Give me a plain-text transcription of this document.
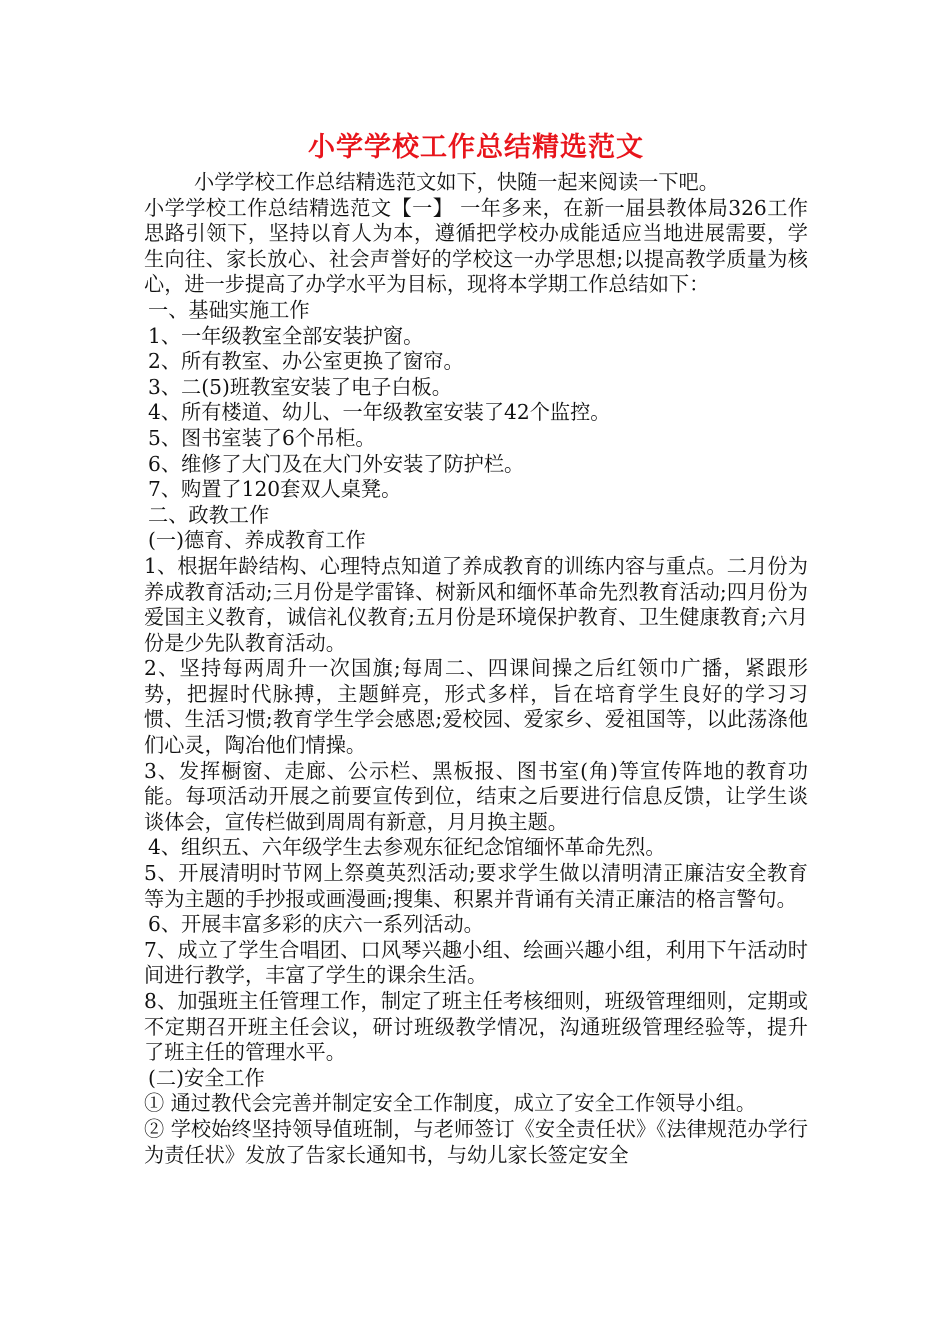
小学学校工作总结精选范文

小学学校工作总结精选范文如下，快随一起来阅读一下吧。

小学学校工作总结精选范文【一】 一年多来，在新一届县教体局326工作思路引领下，坚持以育人为本，遵循把学校办成能适应当地进展需要，学生向往、家长放心、社会声誉好的学校这一办学思想;以提高教学质量为核心，进一步提高了办学水平为目标，现将本学期工作总结如下：

一、基础实施工作

1、一年级教室全部安装护窗。

2、所有教室、办公室更换了窗帘。

3、二(5)班教室安装了电子白板。

4、所有楼道、幼儿、一年级教室安装了42个监控。

5、图书室装了6个吊柜。

6、维修了大门及在大门外安装了防护栏。

7、购置了120套双人桌凳。

二、政教工作

(一)德育、养成教育工作

1、根据年龄结构、心理特点知道了养成教育的训练内容与重点。二月份为养成教育活动;三月份是学雷锋、树新风和缅怀革命先烈教育活动;四月份为爱国主义教育，诚信礼仪教育;五月份是环境保护教育、卫生健康教育;六月份是少先队教育活动。

2、坚持每两周升一次国旗;每周二、四课间操之后红领巾广播，紧跟形势，把握时代脉搏，主题鲜亮，形式多样，旨在培育学生良好的学习习惯、生活习惯;教育学生学会感恩;爱校园、爱家乡、爱祖国等，以此荡涤他们心灵，陶冶他们情操。

3、发挥橱窗、走廊、公示栏、黑板报、图书室(角)等宣传阵地的教育功能。每项活动开展之前要宣传到位，结束之后要进行信息反馈，让学生谈谈体会，宣传栏做到周周有新意，月月换主题。

4、组织五、六年级学生去参观东征纪念馆缅怀革命先烈。

5、开展清明时节网上祭奠英烈活动;要求学生做以清明清正廉洁安全教育等为主题的手抄报或画漫画;搜集、积累并背诵有关清正廉洁的格言警句。

6、开展丰富多彩的庆六一系列活动。

7、成立了学生合唱团、口风琴兴趣小组、绘画兴趣小组，利用下午活动时间进行教学，丰富了学生的课余生活。

8、加强班主任管理工作，制定了班主任考核细则，班级管理细则，定期或不定期召开班主任会议，研讨班级教学情况，沟通班级管理经验等，提升了班主任的管理水平。

(二)安全工作

① 通过教代会完善并制定安全工作制度，成立了安全工作领导小组。

② 学校始终坚持领导值班制，与老师签订《安全责任状》《法律规范办学行为责任状》发放了告家长通知书，与幼儿家长签定安全
